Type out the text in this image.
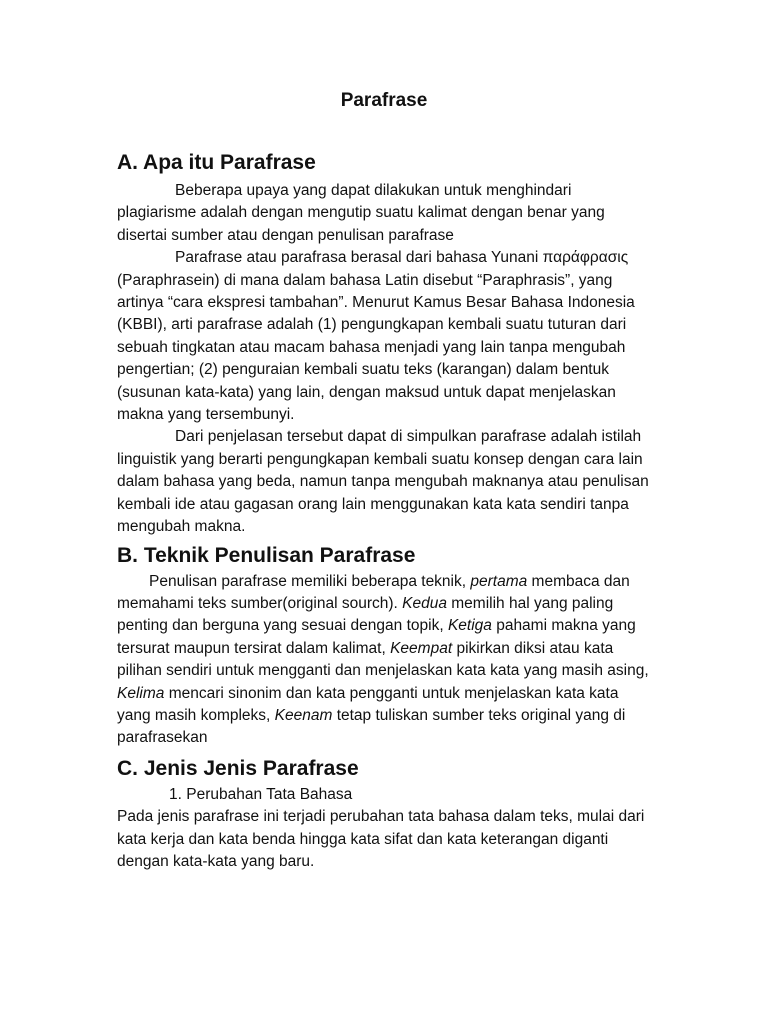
Parafrase
A. Apa itu Parafrase

Beberapa upaya yang dapat dilakukan untuk menghindari plagiarisme adalah dengan mengutip suatu kalimat dengan benar yang disertai sumber atau dengan penulisan parafrase

Parafrase atau parafrasa berasal dari bahasa Yunani παράφρασις (Paraphrasein) di mana dalam bahasa Latin disebut “Paraphrasis”, yang artinya “cara ekspresi tambahan”. Menurut Kamus Besar Bahasa Indonesia (KBBI), arti parafrase adalah (1) pengungkapan kembali suatu tuturan dari sebuah tingkatan atau macam bahasa menjadi yang lain tanpa mengubah pengertian; (2) penguraian kembali suatu teks (karangan) dalam bentuk (susunan kata-kata) yang lain, dengan maksud untuk dapat menjelaskan makna yang tersembunyi.

Dari penjelasan tersebut dapat di simpulkan parafrase adalah istilah linguistik yang berarti pengungkapan kembali suatu konsep dengan cara lain dalam bahasa yang beda, namun tanpa mengubah maknanya atau penulisan kembali ide atau gagasan orang lain menggunakan kata kata sendiri tanpa mengubah makna.

B. Teknik Penulisan Parafrase

Penulisan parafrase memiliki beberapa teknik, pertama membaca dan memahami teks sumber(original sourch). Kedua memilih hal yang paling penting dan berguna yang sesuai dengan topik, Ketiga pahami makna yang tersurat maupun tersirat dalam kalimat, Keempat pikirkan diksi atau kata pilihan sendiri untuk mengganti dan menjelaskan kata kata yang masih asing, Kelima mencari sinonim dan kata pengganti untuk menjelaskan kata kata yang masih kompleks, Keenam tetap tuliskan sumber teks original yang di parafrasekan

C. Jenis Jenis Parafrase

1. Perubahan Tata Bahasa

Pada jenis parafrase ini terjadi perubahan tata bahasa dalam teks, mulai dari kata kerja dan kata benda hingga kata sifat dan kata keterangan diganti dengan kata-kata yang baru.
